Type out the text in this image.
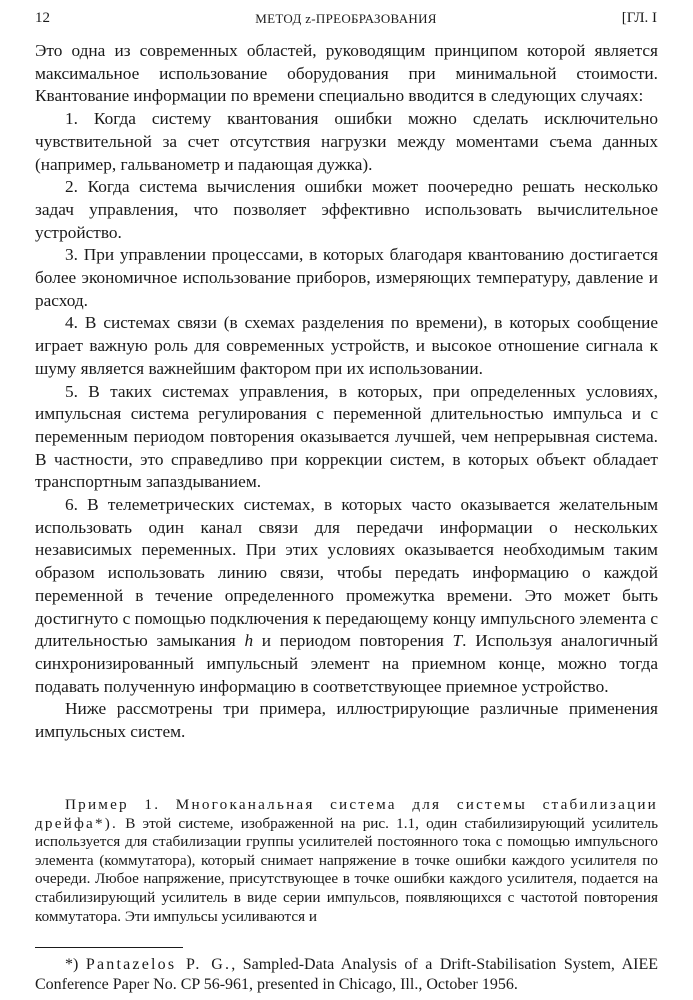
12	МЕТОД z-ПРЕОБРАЗОВАНИЯ	[ГЛ. I

Это одна из современных областей, руководящим принципом которой является максимальное использование оборудования при минимальной стоимости. Квантование информации по времени специально вводится в следующих случаях:

1. Когда систему квантования ошибки можно сделать исключительно чувствительной за счет отсутствия нагрузки между моментами съема данных (например, гальванометр и падающая дужка).

2. Когда система вычисления ошибки может поочередно решать несколько задач управления, что позволяет эффективно использовать вычислительное устройство.

3. При управлении процессами, в которых благодаря квантованию достигается более экономичное использование приборов, измеряющих температуру, давление и расход.

4. В системах связи (в схемах разделения по времени), в которых сообщение играет важную роль для современных устройств, и высокое отношение сигнала к шуму является важнейшим фактором при их использовании.

5. В таких системах управления, в которых, при определенных условиях, импульсная система регулирования с переменной длительностью импульса и с переменным периодом повторения оказывается лучшей, чем непрерывная система. В частности, это справедливо при коррекции систем, в которых объект обладает транспортным запаздыванием.

6. В телеметрических системах, в которых часто оказывается желательным использовать один канал связи для передачи информации о нескольких независимых переменных. При этих условиях оказывается необходимым таким образом использовать линию связи, чтобы передать информацию о каждой переменной в течение определенного промежутка времени. Это может быть достигнуто с помощью подключения к передающему концу импульсного элемента с длительностью замыкания h и периодом повторения T. Используя аналогичный синхронизированный импульсный элемент на приемном конце, можно тогда подавать полученную информацию в соответствующее приемное устройство.

Ниже рассмотрены три примера, иллюстрирующие различные применения импульсных систем.

Пример 1. Многоканальная система для системы стабилизации дрейфа*). В этой системе, изображенной на рис. 1.1, один стабилизирующий усилитель используется для стабилизации группы усилителей постоянного тока с помощью импульсного элемента (коммутатора), который снимает напряжение в точке ошибки каждого усилителя по очереди. Любое напряжение, присутствующее в точке ошибки каждого усилителя, подается на стабилизирующий усилитель в виде серии импульсов, появляющихся с частотой повторения коммутатора. Эти импульсы усиливаются и

*) Pantazelos P. G., Sampled-Data Analysis of a Drift-Stabilisation System, AIEE Conference Paper No. CP 56-961, presented in Chicago, Ill., October 1956.
